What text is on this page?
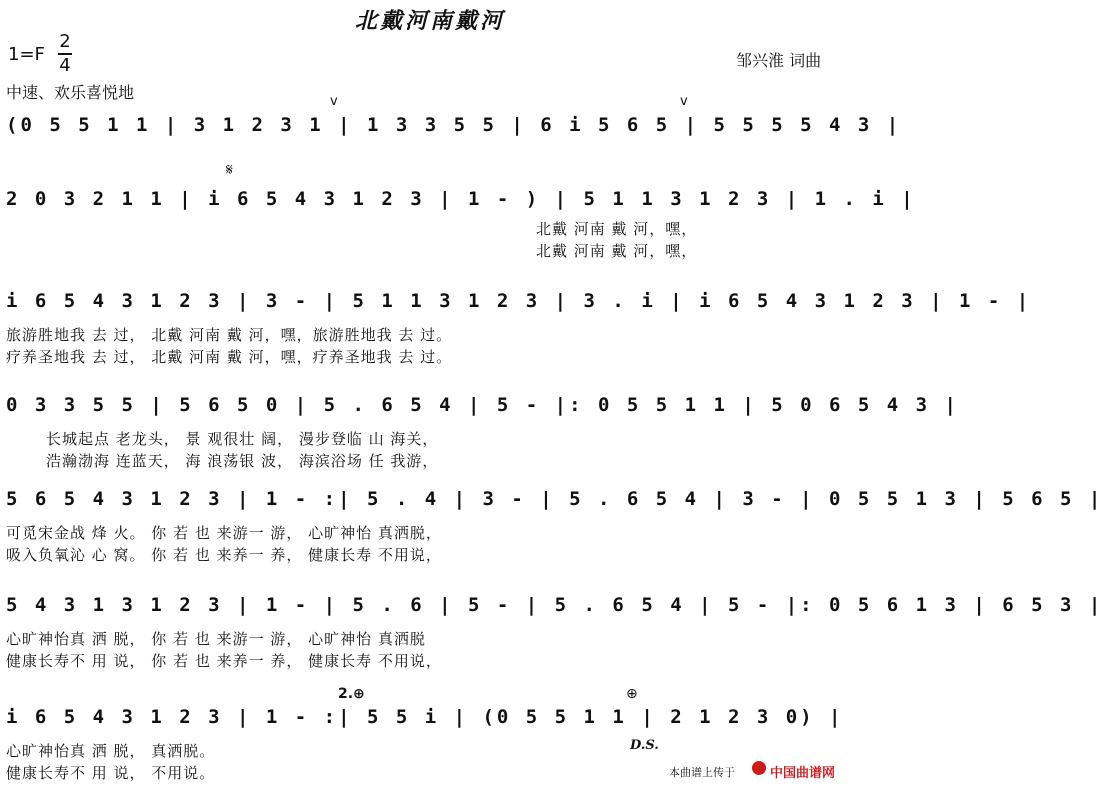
北戴河南戴河
1=F
2
4
中速、欢乐喜悦地
邹兴淮 词曲
(0 5 5 1 1 | 3 1 2 3 1 | 1 3 3 5 5 | 6 i 5 6 5 | 5 5 5 5 4 3 |
2 0 3 2 1 1 | i 6 5 4 3 1 2 3 | 1 - ) | 5 1 1 3 1 2 3 | 1 . i |
i 6 5 4 3 1 2 3 | 3 - | 5 1 1 3 1 2 3 | 3 . i | i 6 5 4 3 1 2 3 | 1 - |
0 3 3 5 5 | 5 6 5 0 | 5 . 6 5 4 | 5 - |: 0 5 5 1 1 | 5 0 6 5 4 3 |
5 6 5 4 3 1 2 3 | 1 - :| 5 . 4 | 3 - | 5 . 6 5 4 | 3 - | 0 5 5 1 3 | 5 6 5 |
5 4 3 1 3 1 2 3 | 1 - | 5 . 6 | 5 - | 5 . 6 5 4 | 5 - |: 0 5 6 1 3 | 6 5 3 |
i 6 5 4 3 1 2 3 | 1 - :| 5 5 i | (0 5 5 1 1 | 2 1 2 3 0) |
𝄋
v	v
2.⊕	⊕
D.S.
北戴 河南 戴 河，嘿，
北戴 河南 戴 河，嘿，
旅游胜地我 去 过， 北戴 河南 戴 河，嘿，旅游胜地我 去 过。
疗养圣地我 去 过， 北戴 河南 戴 河，嘿，疗养圣地我 去 过。
长城起点 老龙头， 景 观很壮 阔， 漫步登临 山 海关，
浩瀚渤海 连蓝天， 海 浪荡银 波， 海滨浴场 任 我游，
可觅宋金战 烽 火。 你 若 也 来游一 游， 心旷神怡 真洒脱，
吸入负氧沁 心 窝。 你 若 也 来养一 养， 健康长寿 不用说，
心旷神怡真 洒 脱， 你 若 也 来游一 游， 心旷神怡 真洒脱
健康长寿不 用 说， 你 若 也 来养一 养， 健康长寿 不用说，
心旷神怡真 洒 脱， 真洒脱。
健康长寿不 用 说， 不用说。	本曲谱上传于	中国曲谱网
